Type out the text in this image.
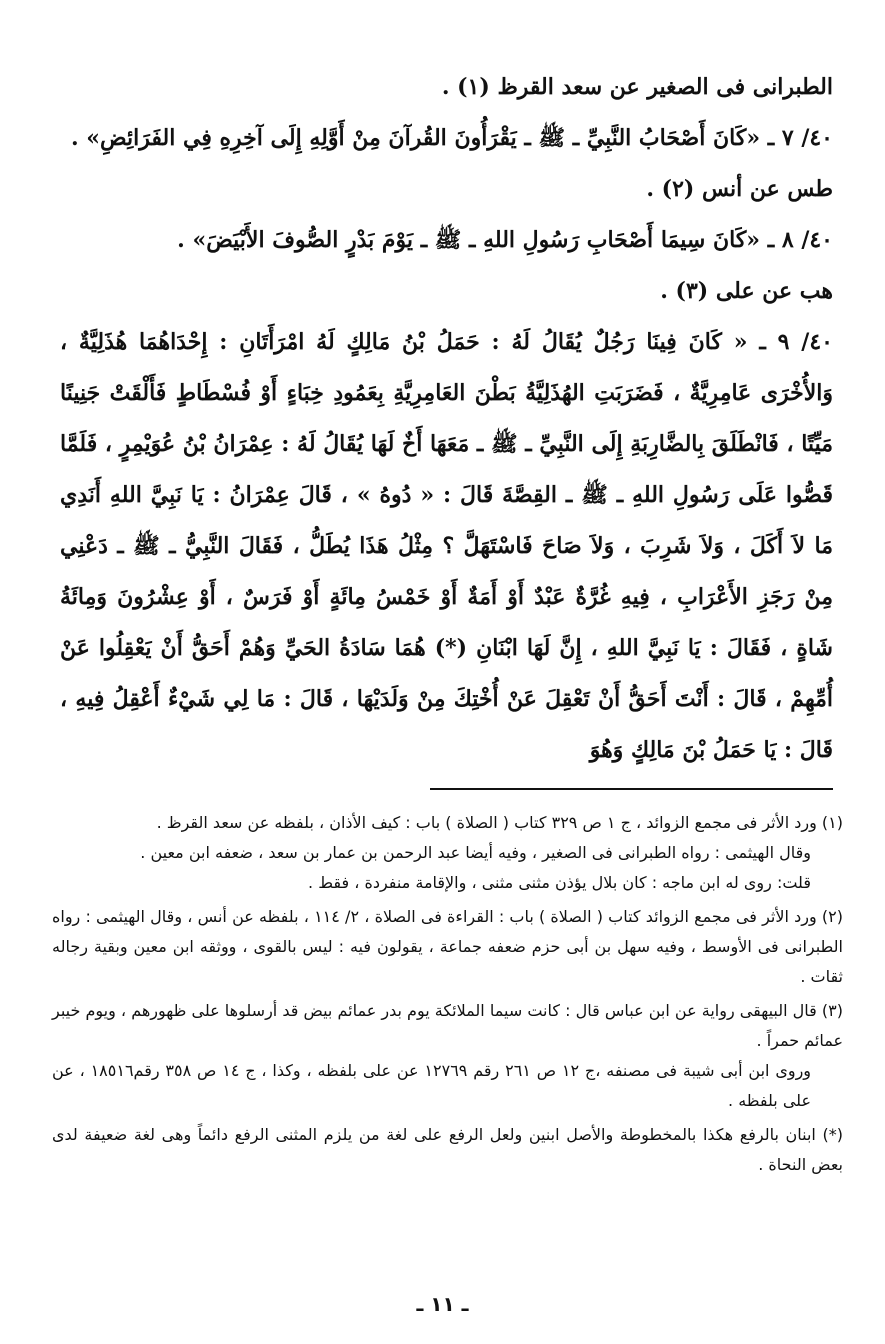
الطبرانى فى الصغير عن سعد القرظ (١) .

٤٠/ ٧ ـ «كَانَ أَصْحَابُ النَّبِيِّ ـ ﷺ ـ يَقْرَأُونَ القُرآنَ مِنْ أَوَّلِهِ إِلَى آخِرِهِ فِي الفَرَائِضِ» .

طس عن أنس (٢) .

٤٠/ ٨ ـ «كَانَ سِيمَا أَصْحَابِ رَسُولِ اللهِ ـ ﷺ ـ يَوْمَ بَدْرٍ الصُّوفَ الأَبْيَضَ» .

هب عن على (٣) .

٤٠/ ٩ ـ « كَانَ فِينَا رَجُلٌ يُقَالُ لَهُ : حَمَلُ بْنُ مَالِكٍ لَهُ امْرَأَتَانِ : إِحْدَاهُمَا هُذَلِيَّةٌ ، وَالأُخْرَى عَامِرِيَّةٌ ، فَضَرَبَتِ الهُذَلِيَّةُ بَطْنَ العَامِرِيَّةِ بِعَمُودِ خِبَاءٍ أَوْ فُسْطَاطٍ فَأَلْقَتْ جَنِينًا مَيِّتًا ، فَانْطَلَقَ بِالضَّارِبَةِ إِلَى النَّبِيِّ ـ ﷺ ـ مَعَهَا أَخٌ لَهَا يُقَالُ لَهُ : عِمْرَانُ بْنُ عُوَيْمِرٍ ، فَلَمَّا قَصُّوا عَلَى رَسُولِ اللهِ ـ ﷺ ـ القِصَّةَ قَالَ : « دُوهُ » ، قَالَ عِمْرَانُ : يَا نَبِيَّ اللهِ أَنَدِي مَا لاَ أَكَلَ ، وَلاَ شَرِبَ ، وَلاَ صَاحَ فَاسْتَهَلَّ ؟ مِثْلُ هَذَا يُطَلُّ ، فَقَالَ النَّبِيُّ ـ ﷺ ـ دَعْنِي مِنْ رَجَزِ الأَعْرَابِ ، فِيهِ غُرَّةٌ عَبْدٌ أَوْ أَمَةٌ أَوْ خَمْسُ مِائَةٍ أَوْ فَرَسٌ ، أَوْ عِشْرُونَ وَمِائَةُ شَاةٍ ، فَقَالَ : يَا نَبِيَّ اللهِ ، إِنَّ لَهَا ابْنَانِ (*) هُمَا سَادَةُ الحَيِّ وَهُمْ أَحَقُّ أَنْ يَعْقِلُوا عَنْ أُمِّهِمْ ، قَالَ : أَنْتَ أَحَقُّ أَنْ تَعْقِلَ عَنْ أُخْتِكَ مِنْ وَلَدَيْهَا ، قَالَ : مَا لِي شَيْءٌ أَعْقِلُ فِيهِ ، قَالَ : يَا حَمَلُ بْنَ مَالِكٍ وَهُوَ

(١) ورد الأثر فى مجمع الزوائد ، ج ١ ص ٣٢٩ كتاب ( الصلاة ) باب : كيف الأذان ، بلفظه عن سعد القرظ .
وقال الهيثمى : رواه الطبرانى فى الصغير ، وفيه أيضا عبد الرحمن بن عمار بن سعد ، ضعفه ابن معين .
قلت: روى له ابن ماجه : كان بلال يؤذن مثنى مثنى ، والإقامة منفردة ، فقط .
(٢) ورد الأثر فى مجمع الزوائد كتاب ( الصلاة ) باب : القراءة فى الصلاة ، ٢/ ١١٤ ، بلفظه عن أنس ، وقال الهيثمى : رواه الطبرانى فى الأوسط ، وفيه سهل بن أبى حزم ضعفه جماعة ، يقولون فيه : ليس بالقوى ، ووثقه ابن معين وبقية رجاله ثقات .
(٣) قال البيهقى رواية عن ابن عباس قال : كانت سيما الملائكة يوم بدر عمائم بيض قد أرسلوها على ظهورهم ، ويوم خيبر عمائم حمراً .
وروى ابن أبى شيبة فى مصنفه ،ج ١٢ ص ٢٦١ رقم ١٢٧٦٩ عن على بلفظه ، وكذا ، ج ١٤ ص ٣٥٨ رقم١٨٥١٦ ، عن على بلفظه .
(*) ابنان بالرفع هكذا بالمخطوطة والأصل ابنين ولعل الرفع على لغة من يلزم المثنى الرفع دائماً وهى لغة ضعيفة لدى بعض النحاة .
ـ ١١ ـ
